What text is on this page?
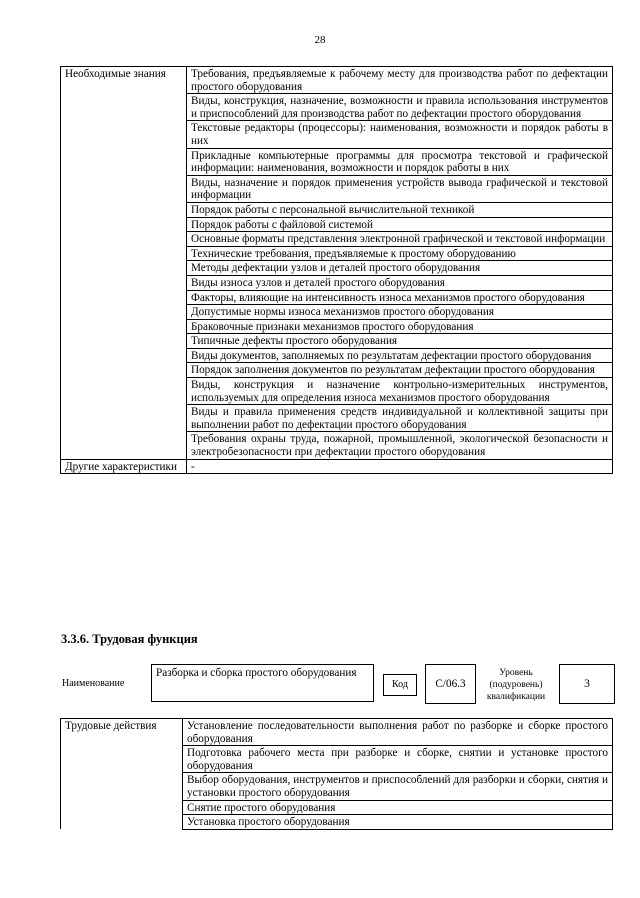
28
Необходимые знания	Требования, предъявляемые к рабочему месту для производства работ по дефектации простого оборудования
	Виды, конструкция, назначение, возможности и правила использования инструментов и приспособлений для производства работ по дефектации простого оборудования
	Текстовые редакторы (процессоры): наименования, возможности и порядок работы в них
	Прикладные компьютерные программы для просмотра текстовой и графической информации: наименования, возможности и порядок работы в них
	Виды, назначение и порядок применения устройств вывода графической и текстовой информации
	Порядок работы с персональной вычислительной техникой
	Порядок работы с файловой системой
	Основные форматы представления электронной графической и текстовой информации
	Технические требования, предъявляемые к простому оборудованию
	Методы дефектации узлов и деталей простого оборудования
	Виды износа узлов и деталей простого оборудования
	Факторы, влияющие на интенсивность износа механизмов простого оборудования
	Допустимые нормы износа механизмов простого оборудования
	Браковочные признаки механизмов простого оборудования
	Типичные дефекты простого оборудования
	Виды документов, заполняемых по результатам дефектации простого оборудования
	Порядок заполнения документов по результатам дефектации простого оборудования
	Виды, конструкция и назначение контрольно-измерительных инструментов, используемых для определения износа механизмов простого оборудования
	Виды и правила применения средств индивидуальной и коллективной защиты при выполнении работ по дефектации простого оборудования
	Требования охраны труда, пожарной, промышленной, экологической безопасности и электробезопасности при дефектации простого оборудования
Другие характеристики	-
3.3.6. Трудовая функция
Наименование
Разборка и сборка простого оборудования
Код	C/06.3
Уровень (подуровень) квалификации
3
Трудовые действия	Установление последовательности выполнения работ по разборке и сборке простого оборудования
Подготовка рабочего места при разборке и сборке, снятии и установке простого оборудования
Выбор оборудования, инструментов и приспособлений для разборки и сборки, снятия и установки простого оборудования
Снятие простого оборудования
Установка простого оборудования
